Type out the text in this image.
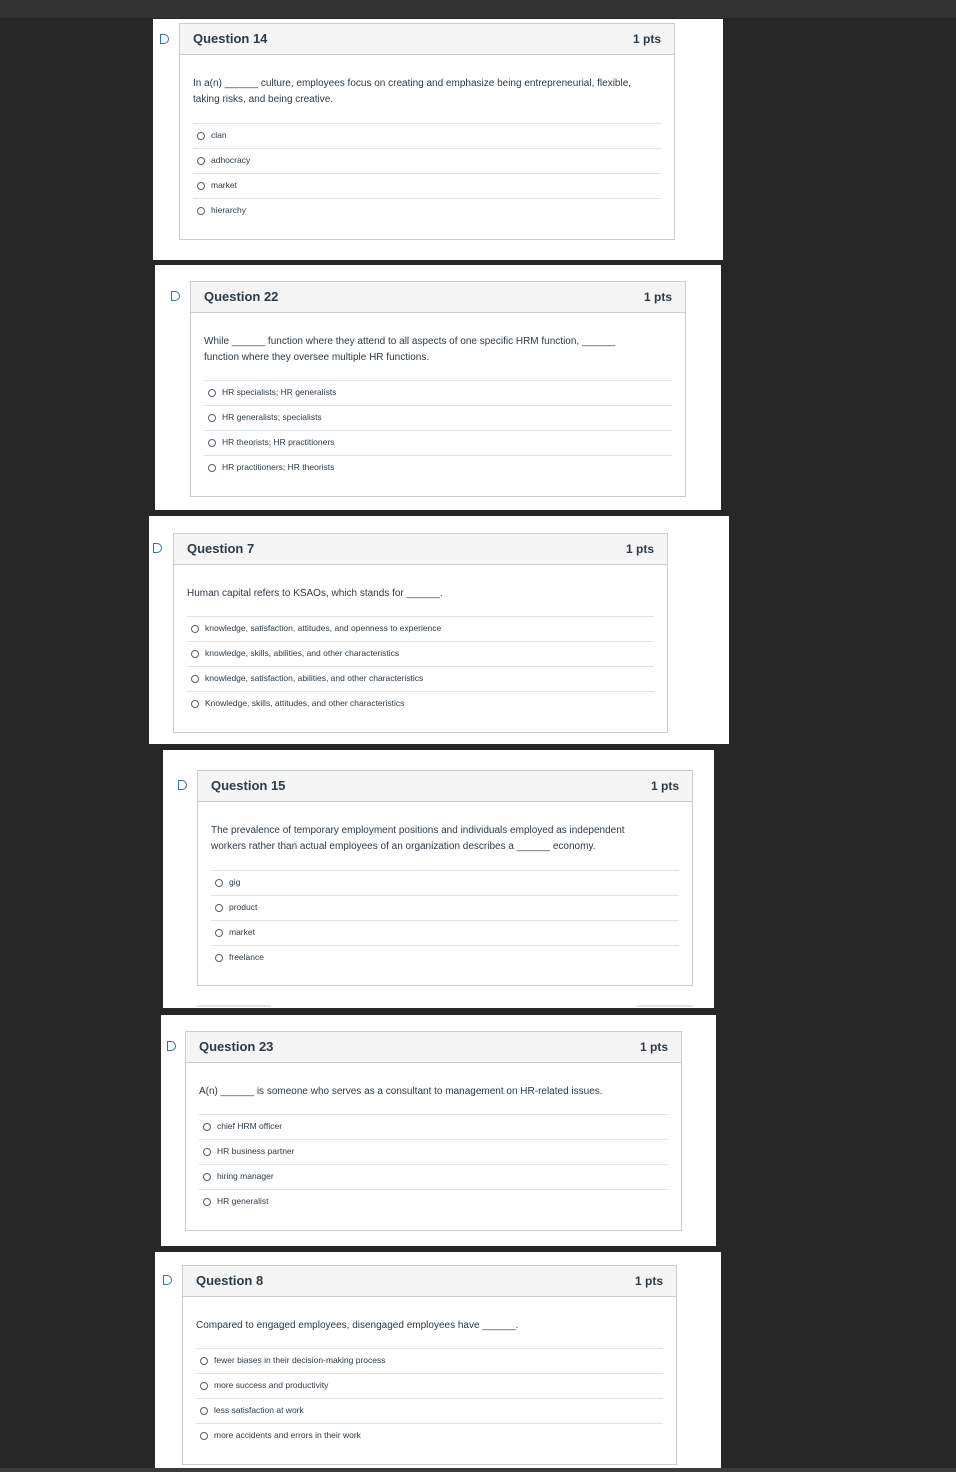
Question 14	1 pts
In a(n) ______ culture, employees focus on creating and emphasize being entrepreneurial, flexible,
taking risks, and being creative.
clan
adhocracy
market
hierarchy
Question 22	1 pts
While ______ function where they attend to all aspects of one specific HRM function, ______
function where they oversee multiple HR functions.
HR specialists; HR generalists
HR generalists; specialists
HR theorists; HR practitioners
HR practitioners; HR theorists
Question 7	1 pts
Human capital refers to KSAOs, which stands for ______.
knowledge, satisfaction, attitudes, and openness to experience
knowledge, skills, abilities, and other characteristics
knowledge, satisfaction, abilities, and other characteristics
Knowledge, skills, attitudes, and other characteristics
Question 15	1 pts
The prevalence of temporary employment positions and individuals employed as independent
workers rather than actual employees of an organization describes a ______ economy.
gig
product
market
freelance
Question 23	1 pts
A(n) ______ is someone who serves as a consultant to management on HR-related issues.
chief HRM officer
HR business partner
hiring manager
HR generalist
Question 8	1 pts
Compared to engaged employees, disengaged employees have ______.
fewer biases in their decision-making process
more success and productivity
less satisfaction at work
more accidents and errors in their work
